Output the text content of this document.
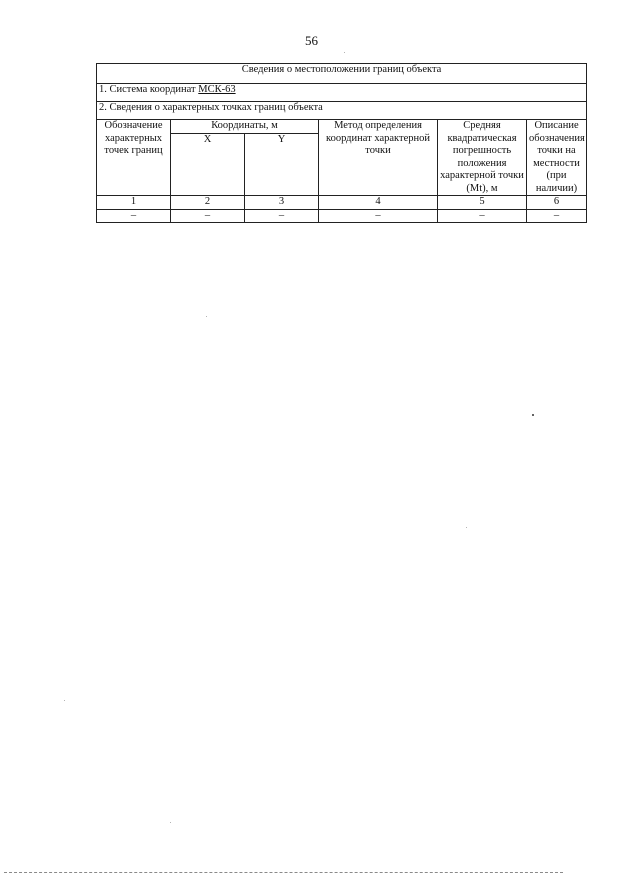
56
Сведения о местоположении границ объекта					
1. Система координат МСК-63					
2. Сведения о характерных точках границ объекта					
Обозначение характерных точек границ	Координаты, м		Метод определения координат характерной точки	Средняя квадратическая погрешность положения характерной точки (Mt), м	Описание обозначения точки на местности (при наличии)
	X	Y			
1	2	3	4	5	6
–	–	–	–	–	–
